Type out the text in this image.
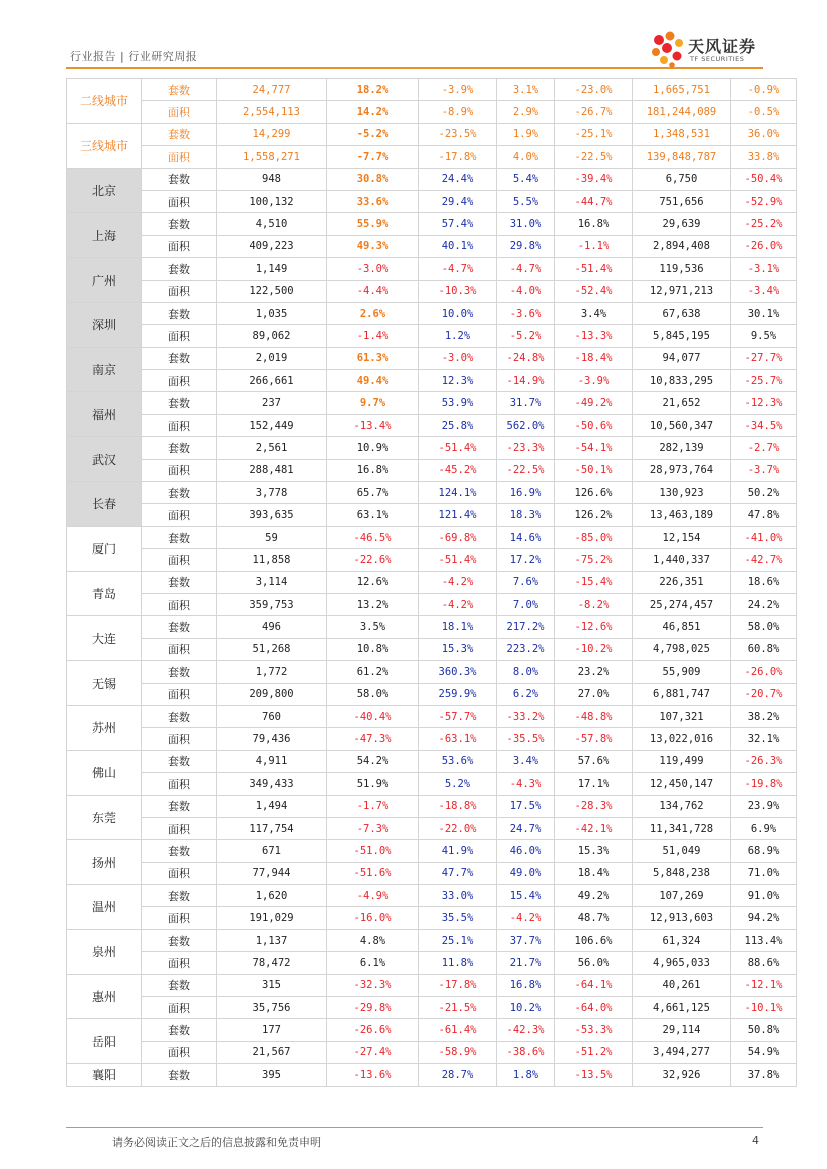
行业报告 | 行业研究周报
天风证券
TF SECURITIES
二线城市	套数	24,777	18.2%	-3.9%	3.1%	-23.0%	1,665,751	-0.9%
	面积	2,554,113	14.2%	-8.9%	2.9%	-26.7%	181,244,089	-0.5%
三线城市	套数	14,299	-5.2%	-23.5%	1.9%	-25.1%	1,348,531	36.0%
	面积	1,558,271	-7.7%	-17.8%	4.0%	-22.5%	139,848,787	33.8%
北京	套数	948	30.8%	24.4%	5.4%	-39.4%	6,750	-50.4%
	面积	100,132	33.6%	29.4%	5.5%	-44.7%	751,656	-52.9%
上海	套数	4,510	55.9%	57.4%	31.0%	16.8%	29,639	-25.2%
	面积	409,223	49.3%	40.1%	29.8%	-1.1%	2,894,408	-26.0%
广州	套数	1,149	-3.0%	-4.7%	-4.7%	-51.4%	119,536	-3.1%
	面积	122,500	-4.4%	-10.3%	-4.0%	-52.4%	12,971,213	-3.4%
深圳	套数	1,035	2.6%	10.0%	-3.6%	3.4%	67,638	30.1%
	面积	89,062	-1.4%	1.2%	-5.2%	-13.3%	5,845,195	9.5%
南京	套数	2,019	61.3%	-3.0%	-24.8%	-18.4%	94,077	-27.7%
	面积	266,661	49.4%	12.3%	-14.9%	-3.9%	10,833,295	-25.7%
福州	套数	237	9.7%	53.9%	31.7%	-49.2%	21,652	-12.3%
	面积	152,449	-13.4%	25.8%	562.0%	-50.6%	10,560,347	-34.5%
武汉	套数	2,561	10.9%	-51.4%	-23.3%	-54.1%	282,139	-2.7%
	面积	288,481	16.8%	-45.2%	-22.5%	-50.1%	28,973,764	-3.7%
长春	套数	3,778	65.7%	124.1%	16.9%	126.6%	130,923	50.2%
	面积	393,635	63.1%	121.4%	18.3%	126.2%	13,463,189	47.8%
厦门	套数	59	-46.5%	-69.8%	14.6%	-85.0%	12,154	-41.0%
	面积	11,858	-22.6%	-51.4%	17.2%	-75.2%	1,440,337	-42.7%
青岛	套数	3,114	12.6%	-4.2%	7.6%	-15.4%	226,351	18.6%
	面积	359,753	13.2%	-4.2%	7.0%	-8.2%	25,274,457	24.2%
大连	套数	496	3.5%	18.1%	217.2%	-12.6%	46,851	58.0%
	面积	51,268	10.8%	15.3%	223.2%	-10.2%	4,798,025	60.8%
无锡	套数	1,772	61.2%	360.3%	8.0%	23.2%	55,909	-26.0%
	面积	209,800	58.0%	259.9%	6.2%	27.0%	6,881,747	-20.7%
苏州	套数	760	-40.4%	-57.7%	-33.2%	-48.8%	107,321	38.2%
	面积	79,436	-47.3%	-63.1%	-35.5%	-57.8%	13,022,016	32.1%
佛山	套数	4,911	54.2%	53.6%	3.4%	57.6%	119,499	-26.3%
	面积	349,433	51.9%	5.2%	-4.3%	17.1%	12,450,147	-19.8%
东莞	套数	1,494	-1.7%	-18.8%	17.5%	-28.3%	134,762	23.9%
	面积	117,754	-7.3%	-22.0%	24.7%	-42.1%	11,341,728	6.9%
扬州	套数	671	-51.0%	41.9%	46.0%	15.3%	51,049	68.9%
	面积	77,944	-51.6%	47.7%	49.0%	18.4%	5,848,238	71.0%
温州	套数	1,620	-4.9%	33.0%	15.4%	49.2%	107,269	91.0%
	面积	191,029	-16.0%	35.5%	-4.2%	48.7%	12,913,603	94.2%
泉州	套数	1,137	4.8%	25.1%	37.7%	106.6%	61,324	113.4%
	面积	78,472	6.1%	11.8%	21.7%	56.0%	4,965,033	88.6%
惠州	套数	315	-32.3%	-17.8%	16.8%	-64.1%	40,261	-12.1%
	面积	35,756	-29.8%	-21.5%	10.2%	-64.0%	4,661,125	-10.1%
岳阳	套数	177	-26.6%	-61.4%	-42.3%	-53.3%	29,114	50.8%
	面积	21,567	-27.4%	-58.9%	-38.6%	-51.2%	3,494,277	54.9%
襄阳	套数	395	-13.6%	28.7%	1.8%	-13.5%	32,926	37.8%
请务必阅读正文之后的信息披露和免责申明	4
